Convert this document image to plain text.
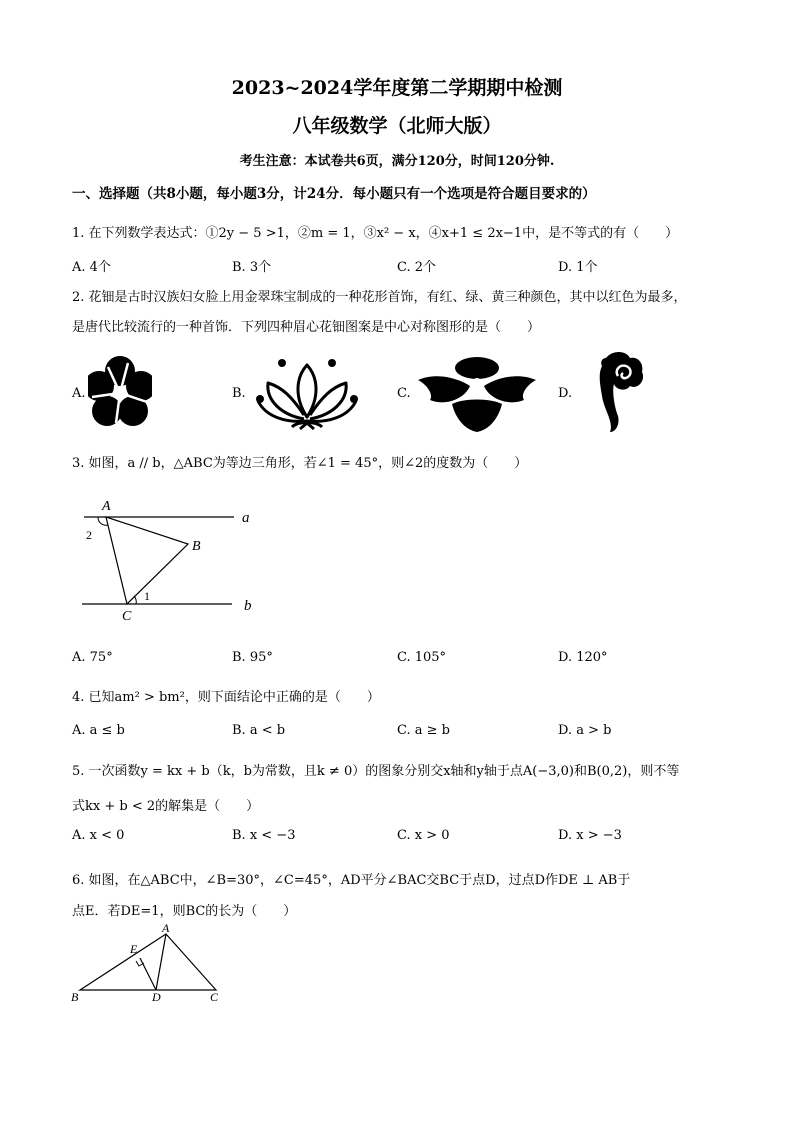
2023~2024学年度第二学期期中检测
八年级数学（北师大版）
考生注意：本试卷共6页，满分120分，时间120分钟.
一、选择题（共8小题，每小题3分，计24分．每小题只有一个选项是符合题目要求的）
1. 在下列数学表达式：①2y − 5 >1，②m = 1，③x² − x，④x+1 ≤ 2x−1中，是不等式的有（　　）
A. 4个	B. 3个	C. 2个	D. 1个
2. 花钿是古时汉族妇女脸上用金翠珠宝制成的一种花形首饰，有红、绿、黄三种颜色，其中以红色为最多，
是唐代比较流行的一种首饰．下列四种眉心花钿图案是中心对称图形的是（　　）
A.	B.	C.	D.
3. 如图，a // b，△ABC为等边三角形，若∠1 = 45°，则∠2的度数为（　　）
A
B
C
a
b
1
2
A. 75°	B. 95°	C. 105°	D. 120°
4. 已知am² > bm²，则下面结论中正确的是（　　）
A. a ≤ b	B. a < b	C. a ≥ b	D. a > b
5. 一次函数y = kx + b（k，b为常数，且k ≠ 0）的图象分别交x轴和y轴于点A(−3,0)和B(0,2)，则不等
式kx + b < 2的解集是（　　）
A. x < 0	B. x < −3	C. x > 0	D. x > −3
6. 如图，在△ABC中，∠B=30°，∠C=45°，AD平分∠BAC交BC于点D，过点D作DE ⊥ AB于
点E．若DE=1，则BC的长为（　　）
A
B	C
D
E
